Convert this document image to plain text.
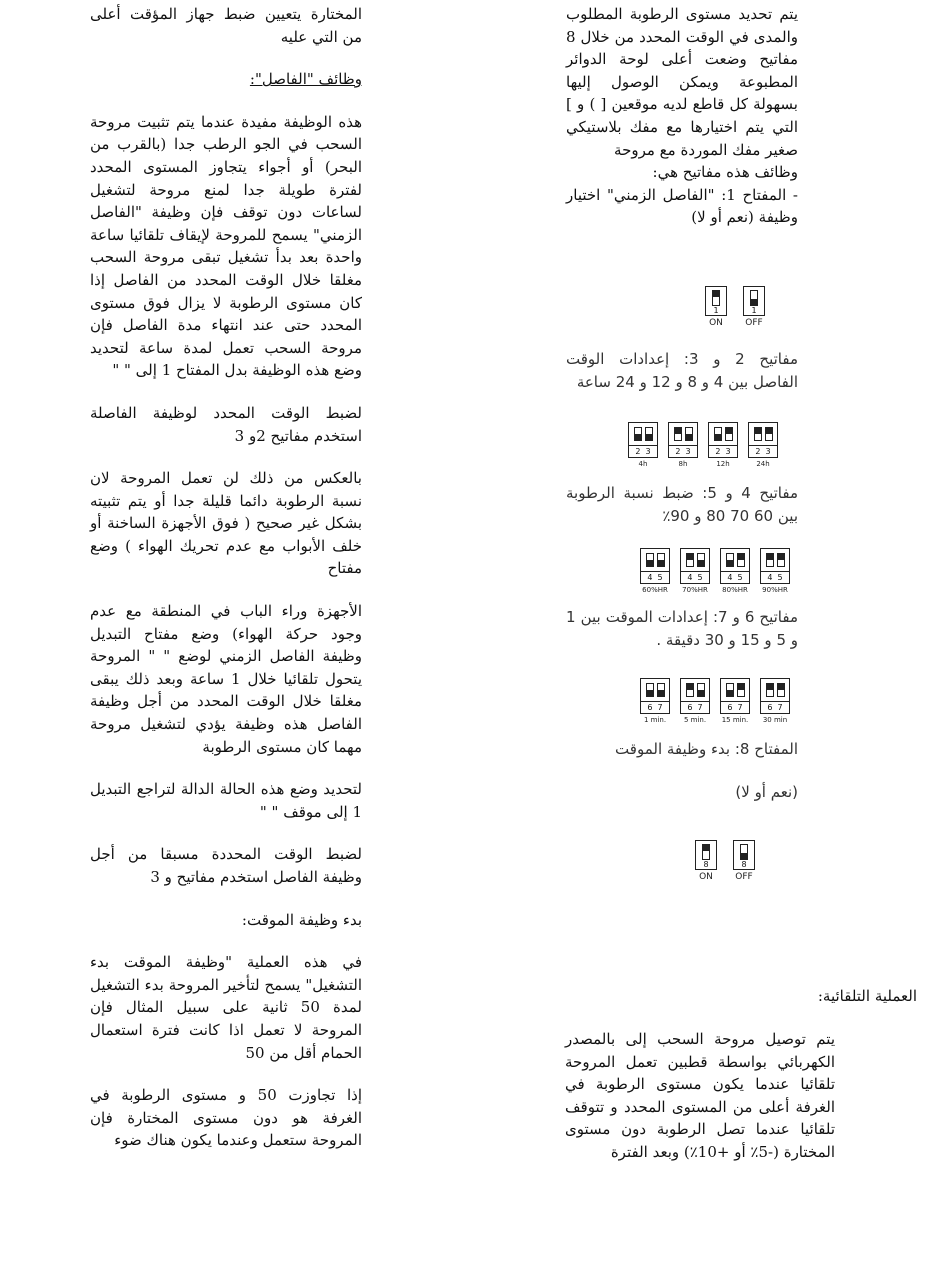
يتم تحديد مستوى الرطوبة المطلوب والمدى في الوقت المحدد من خلال 8 مفاتيح وضعت أعلى لوحة الدوائر المطبوعة ويمكن الوصول إليها بسهولة كل قاطع لديه موقعين [ ) و ] التي يتم اختيارها مع مفك بلاستيكي صغير مفك الموردة مع مروحة

وظائف هذه مفاتيح هي:

- المفتاح 1: "الفاصل الزمني" اختيار وظيفة (نعم أو لا)

1
ON
1
OFF

مفاتيح 2 و 3: إعدادات الوقت الفاصل بين 4 و 8 و 12 و 24 ساعة

2 3
4h
2 3
8h
2 3
12h
2 3
24h

مفاتيح 4 و 5: ضبط نسبة الرطوبة بين 60 70 80 و 90٪

4 5
60%HR
4 5
70%HR
4 5
80%HR
4 5
90%HR

مفاتيح 6 و 7: إعدادات الموقت بين 1 و 5 و 15 و 30 دقيقة .

6 7
1 min.
6 7
5 min.
6 7
15 min.
6 7
30 min

المفتاح 8: بدء وظيفة الموقت

(نعم أو لا)

8
ON
8
OFF
العملية التلقائية:

يتم توصيل مروحة السحب إلى بالمصدر الكهربائي بواسطة قطبين تعمل المروحة تلقائيا عندما يكون مستوى الرطوبة في الغرفة أعلى من المستوى المحدد و تتوقف تلقائيا عندما تصل الرطوبة دون مستوى المختارة (-5٪ أو +10٪) وبعد الفترة

المختارة يتعيين ضبط جهاز المؤقت أعلى من التي عليه

وظائف "الفاصل":

هذه الوظيفة مفيدة عندما يتم تثبيت مروحة السحب في الجو الرطب جدا (بالقرب من البحر) أو أجواء يتجاوز المستوى المحدد لفترة طويلة جدا لمنع مروحة لتشغيل لساعات دون توقف فإن وظيفة "الفاصل الزمني" يسمح للمروحة لإيقاف تلقائيا ساعة واحدة بعد بدأ تشغيل تبقى مروحة السحب مغلقا خلال الوقت المحدد من الفاصل إذا كان مستوى الرطوبة لا يزال فوق مستوى المحدد حتى عند انتهاء مدة الفاصل فإن مروحة السحب تعمل لمدة ساعة لتحديد وضع هذه الوظيفة بدل المفتاح 1 إلى " "

لضبط الوقت المحدد لوظيفة الفاصلة استخدم مفاتيح 2و 3

بالعكس من ذلك لن تعمل المروحة لان نسبة الرطوبة دائما قليلة جدا أو يتم تثبيته بشكل غير صحيح ( فوق الأجهزة الساخنة أو خلف الأبواب مع عدم تحريك الهواء ) وضع مفتاح

الأجهزة وراء الباب في المنطقة مع عدم وجود حركة الهواء) وضع مفتاح التبديل وظيفة الفاصل الزمني لوضع " " المروحة يتحول تلقائيا خلال 1 ساعة وبعد ذلك يبقى مغلقا خلال الوقت المحدد من أجل وظيفة الفاصل هذه وظيفة يؤدي لتشغيل مروحة مهما كان مستوى الرطوبة

لتحديد وضع هذه الحالة الدالة لتراجع التبديل 1 إلى موقف " "

لضبط الوقت المحددة مسبقا من أجل وظيفة الفاصل استخدم مفاتيح و 3

بدء وظيفة الموقت:

في هذه العملية "وظيفة الموقت بدء التشغيل" يسمح لتأخير المروحة بدء التشغيل لمدة 50 ثانية على سبيل المثال فإن المروحة لا تعمل اذا كانت فترة استعمال الحمام أقل من 50

إذا تجاوزت 50 و مستوى الرطوبة في الغرفة هو دون مستوى المختارة فإن المروحة ستعمل وعندما يكون هناك ضوء
